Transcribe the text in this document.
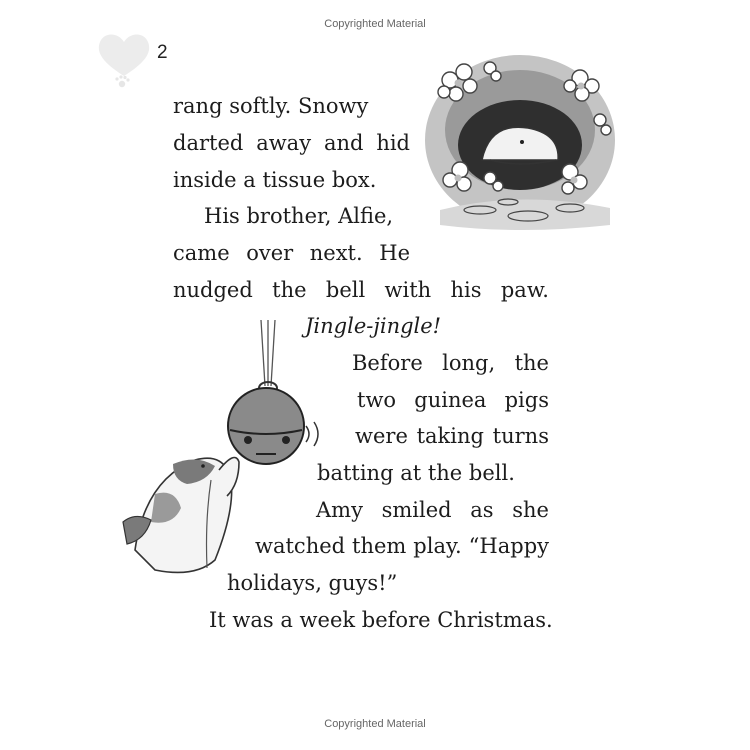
Copyrighted Material
2
rang softly. Snowy
darted away and hid
inside a tissue box.
His brother, Alfie,
came over next. He
nudged the bell with his paw.
Jingle-jingle!
Before long, the
two guinea pigs
were taking turns
batting at the bell.
Amy smiled as she
watched them play. “Happy
holidays, guys!”
It was a week before Christmas.
Copyrighted Material
